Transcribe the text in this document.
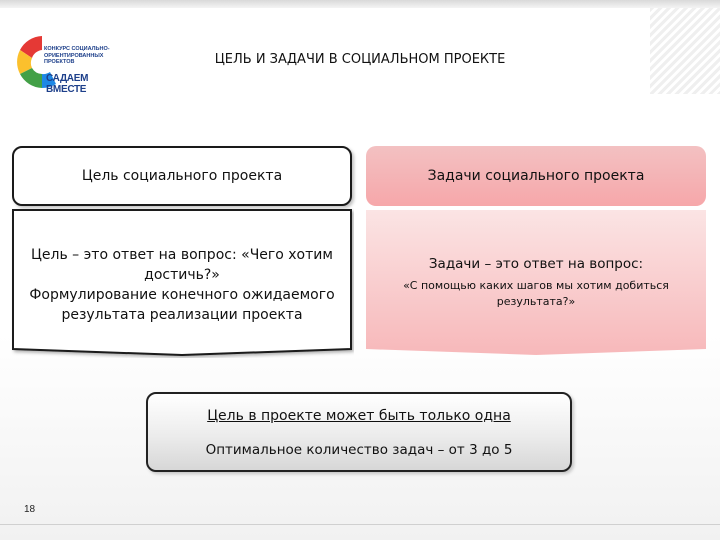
КОНКУРС СОЦИАЛЬНО-
ОРИЕНТИРОВАННЫХ ПРОЕКТОВ
САДАЕМ ВМЕСТЕ
ЦЕЛЬ И ЗАДАЧИ В СОЦИАЛЬНОМ ПРОЕКТЕ
Цель социального проекта
Цель – это ответ на вопрос: «Чего хотим
достичь?»
Формулирование конечного ожидаемого
результата реализации проекта
Задачи социального проекта
Задачи – это ответ на вопрос:
«С помощью каких шагов мы хотим добиться
результата?»
Цель в проекте может быть только одна
Оптимальное количество задач – от 3 до 5
18
